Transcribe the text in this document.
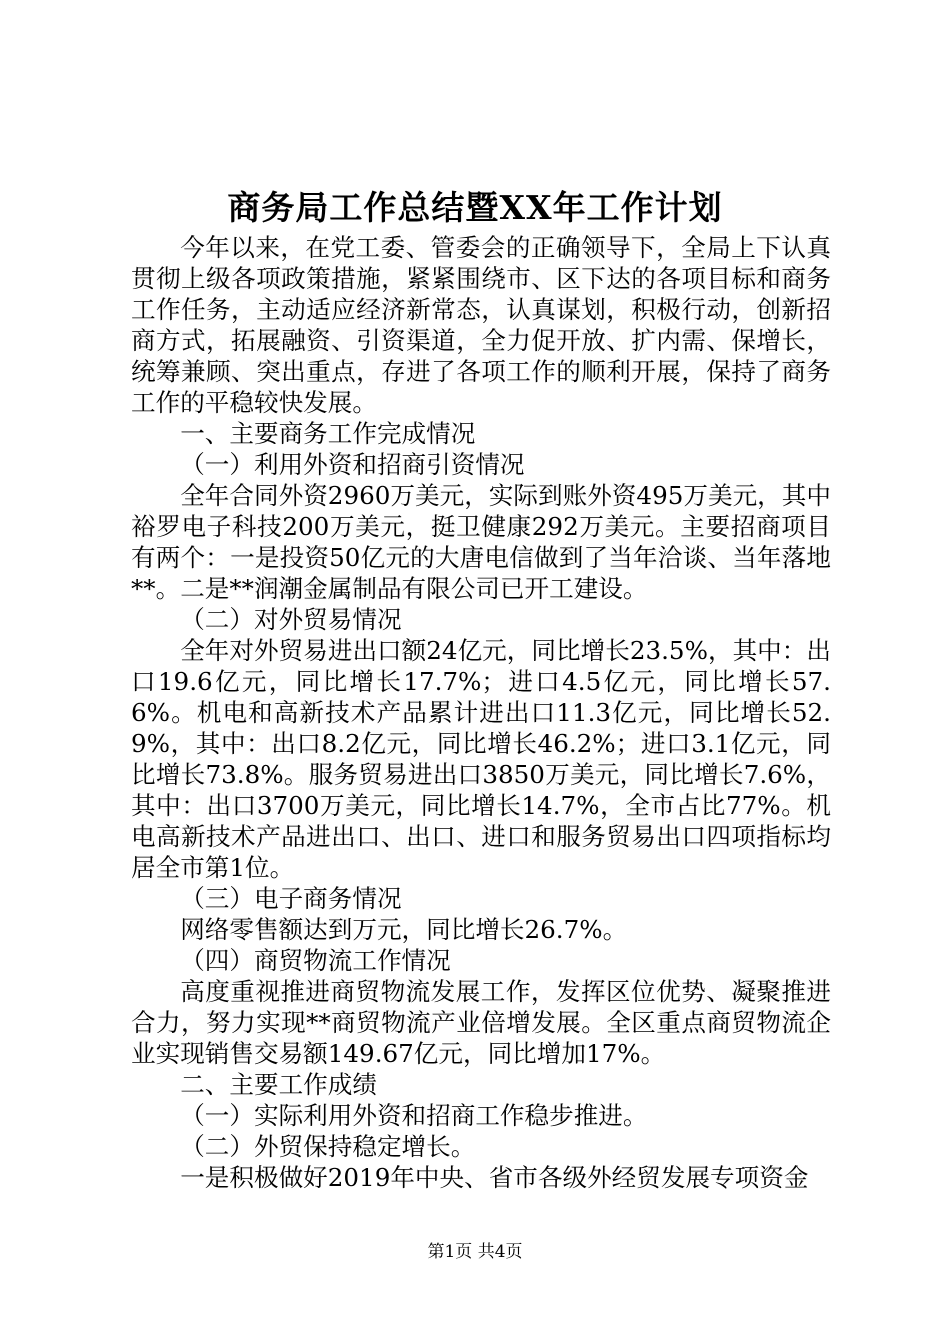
商务局工作总结暨XX年工作计划

今年以来，在党工委、管委会的正确领导下，全局上下认真贯彻上级各项政策措施，紧紧围绕市、区下达的各项目标和商务工作任务，主动适应经济新常态，认真谋划，积极行动，创新招商方式，拓展融资、引资渠道，全力促开放、扩内需、保增长，统筹兼顾、突出重点，存进了各项工作的顺利开展，保持了商务工作的平稳较快发展。

一、主要商务工作完成情况

（一）利用外资和招商引资情况

全年合同外资2960万美元，实际到账外资495万美元，其中裕罗电子科技200万美元，挺卫健康292万美元。主要招商项目有两个：一是投资50亿元的大唐电信做到了当年洽谈、当年落地**。二是**润潮金属制品有限公司已开工建设。

（二）对外贸易情况

全年对外贸易进出口额24亿元，同比增长23.5%，其中：出口19.6亿元，同比增长17.7%；进口4.5亿元，同比增长57.6%。机电和高新技术产品累计进出口11.3亿元，同比增长52.9%，其中：出口8.2亿元，同比增长46.2%；进口3.1亿元，同比增长73.8%。服务贸易进出口3850万美元，同比增长7.6%，其中：出口3700万美元，同比增长14.7%，全市占比77%。机电高新技术产品进出口、出口、进口和服务贸易出口四项指标均居全市第1位。

（三）电子商务情况

网络零售额达到万元，同比增长26.7%。

（四）商贸物流工作情况

高度重视推进商贸物流发展工作，发挥区位优势、凝聚推进合力，努力实现**商贸物流产业倍增发展。全区重点商贸物流企业实现销售交易额149.67亿元，同比增加17%。

二、主要工作成绩

（一）实际利用外资和招商工作稳步推进。

（二）外贸保持稳定增长。

一是积极做好2019年中央、省市各级外经贸发展专项资金

第1页 共4页
